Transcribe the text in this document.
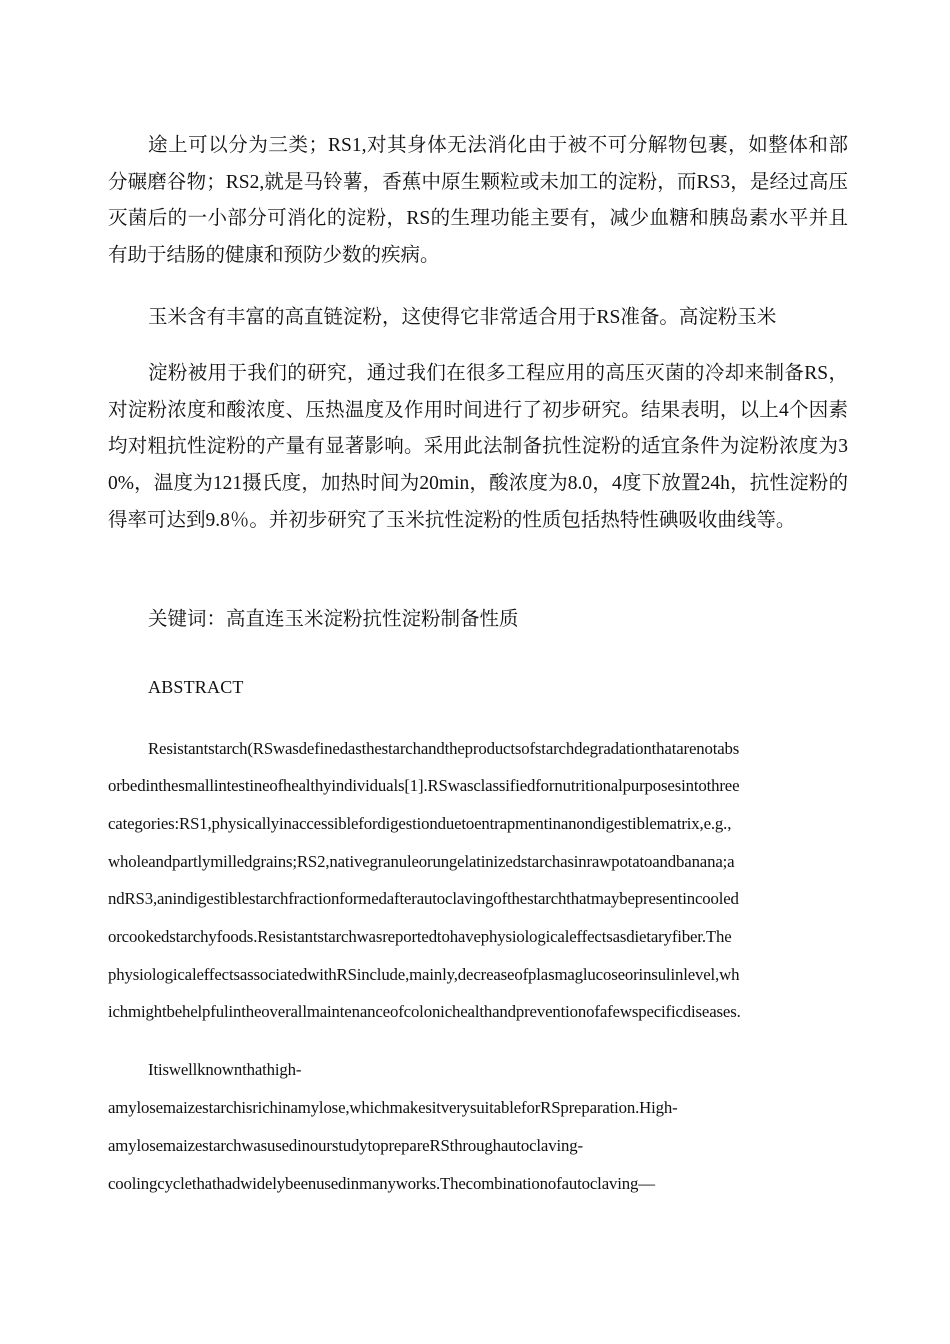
途上可以分为三类；RS1,对其身体无法消化由于被不可分解物包裹，如整体和部分碾磨谷物；RS2,就是马铃薯，香蕉中原生颗粒或未加工的淀粉，而RS3，是经过高压灭菌后的一小部分可消化的淀粉，RS的生理功能主要有，减少血糖和胰岛素水平并且有助于结肠的健康和预防少数的疾病。

玉米含有丰富的高直链淀粉，这使得它非常适合用于RS准备。高淀粉玉米

淀粉被用于我们的研究，通过我们在很多工程应用的高压灭菌的冷却来制备RS，对淀粉浓度和酸浓度、压热温度及作用时间进行了初步研究。结果表明，以上4个因素均对粗抗性淀粉的产量有显著影响。采用此法制备抗性淀粉的适宜条件为淀粉浓度为30%，温度为121摄氏度，加热时间为20min，酸浓度为8.0，4度下放置24h，抗性淀粉的得率可达到9.8％。并初步研究了玉米抗性淀粉的性质包括热特性碘吸收曲线等。

关键词：高直连玉米淀粉抗性淀粉制备性质

ABSTRACT

Resistantstarch(RSwasdefinedasthestarchandtheproductsofstarchdegradationthatarenotabs

orbedinthesmallintestineofhealthyindividuals[1].RSwasclassifiedfornutritionalpurposesintothree

categories:RS1,physicallyinaccessiblefordigestionduetoentrapmentinanondigestiblematrix,e.g.,

wholeandpartlymilledgrains;RS2,nativegranuleorungelatinizedstarchasinrawpotatoandbanana;a

ndRS3,anindigestiblestarchfractionformedafterautoclavingofthestarchthatmaybepresentincooled

orcookedstarchyfoods.Resistantstarchwasreportedtohavephysiologicaleffectsasdietaryfiber.The

physiologicaleffectsassociatedwithRSinclude,mainly,decreaseofplasmaglucoseorinsulinlevel,wh

ichmightbehelpfulintheoverallmaintenanceofcolonichealthandpreventionofafewspecificdiseases.

Itiswellknownthathigh-

amylosemaizestarchisrichinamylose,whichmakesitverysuitableforRSpreparation.High-

amylosemaizestarchwasusedinourstudytoprepareRSthroughautoclaving-

coolingcyclethathadwidelybeenusedinmanyworks.Thecombinationofautoclaving—
